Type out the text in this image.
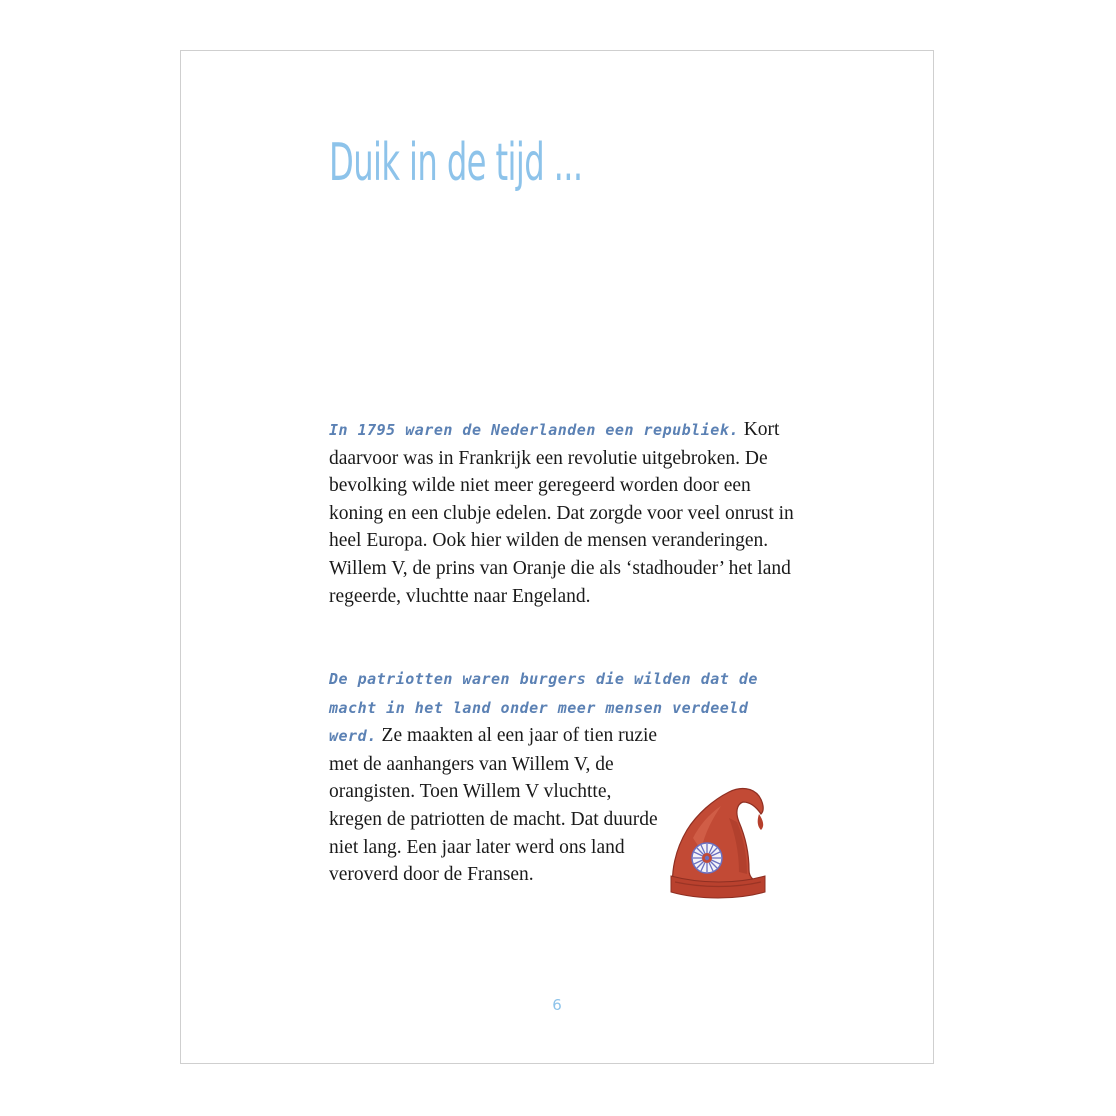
Duik in de tijd ...

In 1795 waren de Nederlanden een republiek. Kort daarvoor was in Frankrijk een revolutie uitgebroken. De bevolking wilde niet meer geregeerd worden door een koning en een clubje edelen. Dat zorgde voor veel onrust in heel Europa. Ook hier wilden de mensen veranderingen. Willem V, de prins van Oranje die als ‘stadhouder’ het land regeerde, vluchtte naar Engeland.

De patriotten waren burgers die wilden dat de macht in het land onder meer mensen verdeeld werd. Ze maakten al een jaar of tien ruzie met de aanhangers van Willem V, de orangisten. Toen Willem V vluchtte, kregen de patriotten de macht. Dat duurde niet lang. Een jaar later werd ons land veroverd door de Fransen.

6
